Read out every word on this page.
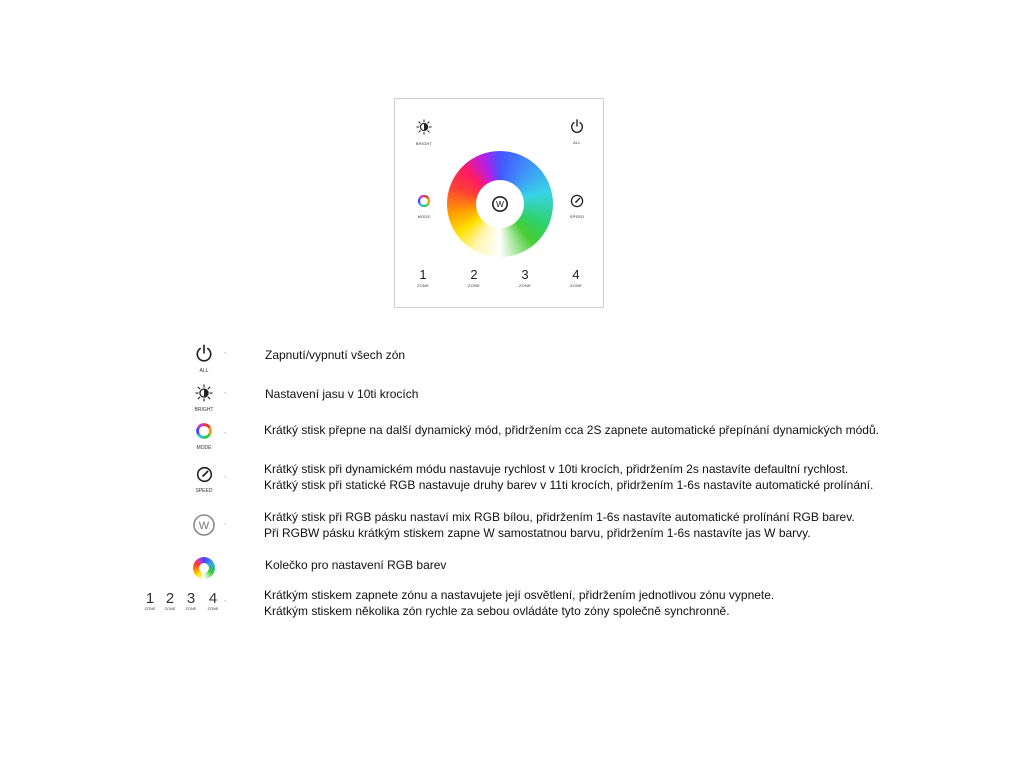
BRIGHT	ALL
MODE	SPEED
W
1
ZONE
2
ZONE
3
ZONE
4
ZONE
ALL
-	Zapnutí/vypnutí všech zón
BRIGHT
-	Nastavení jasu v 10ti krocích
MODE
-	Krátký stisk přepne na další dynamický mód, přidržením cca 2S zapnete automatické přepínání dynamických módů.
SPEED
-
Krátký stisk při dynamickém módu nastavuje rychlost v 10ti krocích, přidržením 2s nastavíte defaultní rychlost.
Krátký stisk při statické RGB nastavuje druhy barev v 11ti krocích, přidržením 1-6s nastavíte automatické prolínání.
W -
Krátký stisk při RGB pásku nastaví mix RGB bílou, přidržením 1-6s nastavíte automatické prolínání RGB barev.
Při RGBW pásku krátkým stiskem zapne W samostatnou barvu, přidržením 1-6s nastavíte jas W barvy.
Kolečko pro nastavení RGB barev
1
ZONE
2
ZONE
3
ZONE
4
ZONE
-	Krátkým stiskem zapnete zónu a nastavujete její osvětlení, přidržením jednotlivou zónu vypnete.
Krátkým stiskem několika zón rychle za sebou ovládáte tyto zóny společně synchronně.
